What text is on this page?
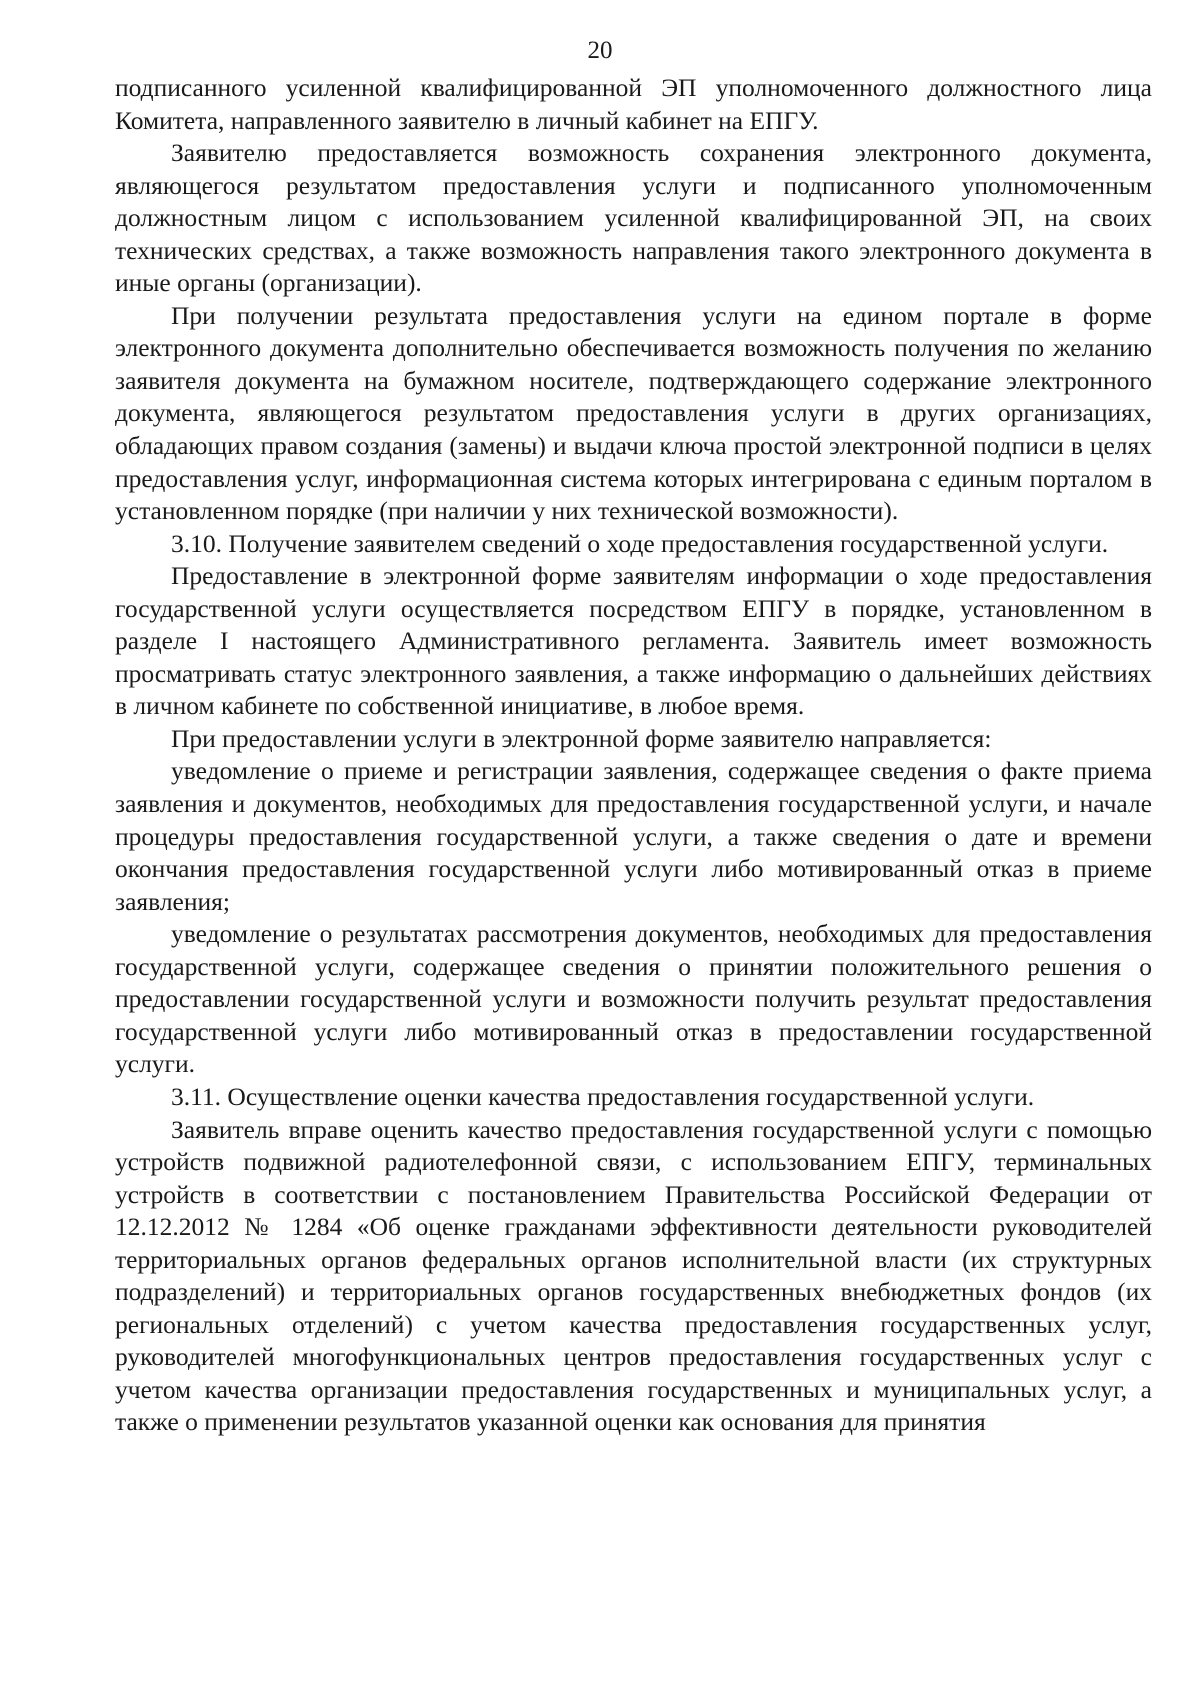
20

подписанного усиленной квалифицированной ЭП уполномоченного должностного лица Комитета, направленного заявителю в личный кабинет на ЕПГУ.

Заявителю предоставляется возможность сохранения электронного документа, являющегося результатом предоставления услуги и подписанного уполномоченным должностным лицом с использованием усиленной квалифицированной ЭП, на своих технических средствах, а также возможность направления такого электронного документа в иные органы (организации).

При получении результата предоставления услуги на едином портале в форме электронного документа дополнительно обеспечивается возможность получения по желанию заявителя документа на бумажном носителе, подтверждающего содержание электронного документа, являющегося результатом предоставления услуги в других организациях, обладающих правом создания (замены) и выдачи ключа простой электронной подписи в целях предоставления услуг, информационная система которых интегрирована с единым порталом в установленном порядке (при наличии у них технической возможности).

3.10. Получение заявителем сведений о ходе предоставления государственной услуги.

Предоставление в электронной форме заявителям информации о ходе предоставления государственной услуги осуществляется посредством ЕПГУ в порядке, установленном в разделе I настоящего Административного регламента. Заявитель имеет возможность просматривать статус электронного заявления, а также информацию о дальнейших действиях в личном кабинете по собственной инициативе, в любое время.

При предоставлении услуги в электронной форме заявителю направляется:

уведомление о приеме и регистрации заявления, содержащее сведения о факте приема заявления и документов, необходимых для предоставления государственной услуги, и начале процедуры предоставления государственной услуги, а также сведения о дате и времени окончания предоставления государственной услуги либо мотивированный отказ в приеме заявления;

уведомление о результатах рассмотрения документов, необходимых для предоставления государственной услуги, содержащее сведения о принятии положительного решения о предоставлении государственной услуги и возможности получить результат предоставления государственной услуги либо мотивированный отказ в предоставлении государственной услуги.

3.11. Осуществление оценки качества предоставления государственной услуги.

Заявитель вправе оценить качество предоставления государственной услуги с помощью устройств подвижной радиотелефонной связи, с использованием ЕПГУ, терминальных устройств в соответствии с постановлением Правительства Российской Федерации от 12.12.2012 № 1284 «Об оценке гражданами эффективности деятельности руководителей территориальных органов федеральных органов исполнительной власти (их структурных подразделений) и территориальных органов государственных внебюджетных фондов (их региональных отделений) с учетом качества предоставления государственных услуг, руководителей многофункциональных центров предоставления государственных услуг с учетом качества организации предоставления государственных и муниципальных услуг, а также о применении результатов указанной оценки как основания для принятия
